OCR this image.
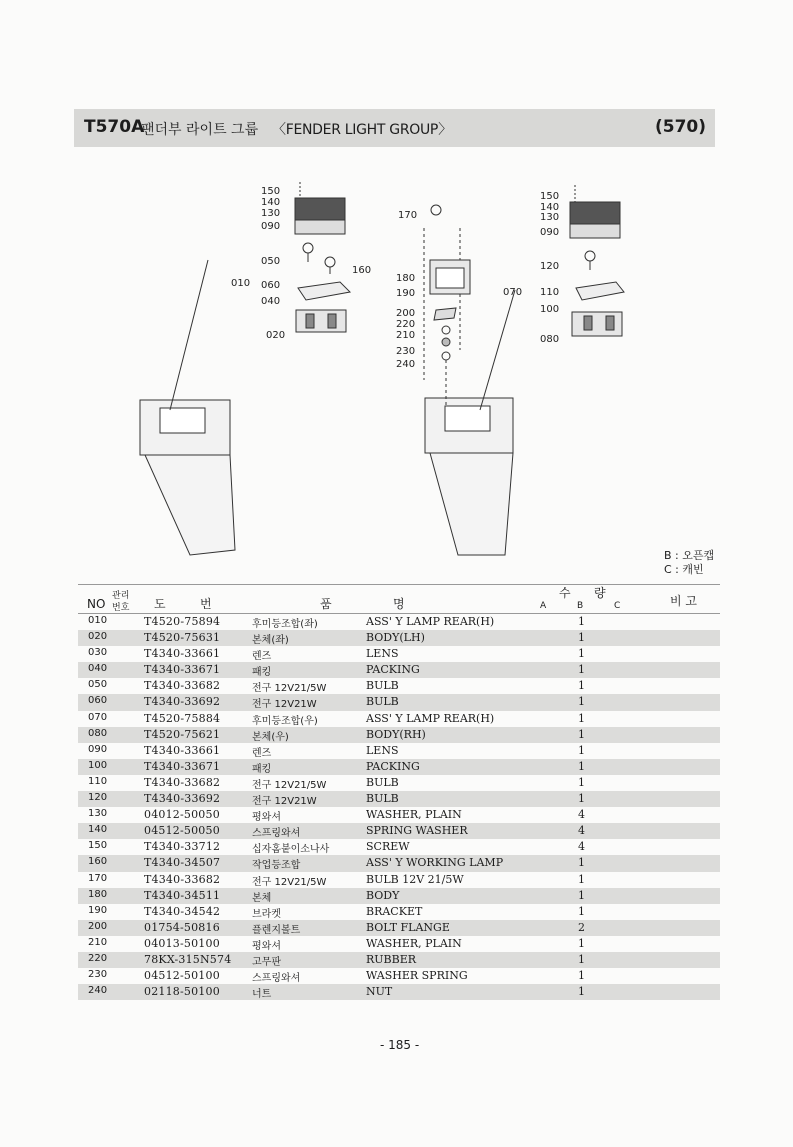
T570A
팬더부 라이트 그룹 〈FENDER LIGHT GROUP〉	(570)
150
140
130
090
050
010 060
040
020
170
160
180
190
200
220
210
230
240
150
140
130
090
120
070 110
100
080
B : 오픈캡
C : 캐빈
NO
관리
번호 도	번	품	명
수 량
A	B	C	비 고
010	T4520-75894	후미등조합(좌)	ASS' Y LAMP REAR(H)	1
020	T4520-75631	본체(좌)	BODY(LH)	1
030	T4340-33661	렌즈	LENS	1
040	T4340-33671	패킹	PACKING	1
050	T4340-33682	전구 12V21/5W	BULB	1
060	T4340-33692	전구 12V21W	BULB	1
070	T4520-75884	후미등조합(우)	ASS' Y LAMP REAR(H)	1
080	T4520-75621	본체(우)	BODY(RH)	1
090	T4340-33661	렌즈	LENS	1
100	T4340-33671	패킹	PACKING	1
110	T4340-33682	전구 12V21/5W	BULB	1
120	T4340-33692	전구 12V21W	BULB	1
130	04012-50050	평와셔	WASHER, PLAIN	4
140	04512-50050	스프링와셔	SPRING WASHER	4
150	T4340-33712	십자홈붙이소나사	SCREW	4
160	T4340-34507	작업등조합	ASS' Y WORKING LAMP	1
170	T4340-33682	전구 12V21/5W	BULB 12V 21/5W	1
180	T4340-34511	본체	BODY	1
190	T4340-34542	브라켓	BRACKET	1
200	01754-50816	플렌지볼트	BOLT FLANGE	2
210	04013-50100	평와셔	WASHER, PLAIN	1
220	78KX-315N574 고무판	RUBBER	1
230	04512-50100	스프링와셔	WASHER SPRING	1
240	02118-50100	너트	NUT	1
- 185 -
